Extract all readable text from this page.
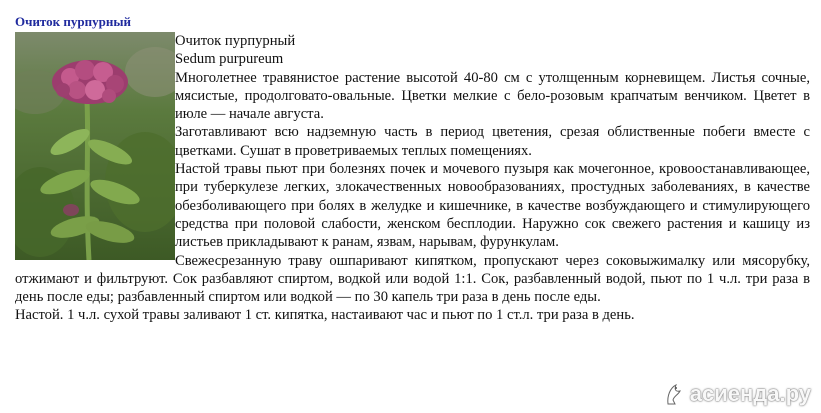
Очиток пурпурный

Очиток пурпурный

Sedum purpureum

Многолетнее травянистое растение высотой 40-80 см с утолщенным корневищем. Листья сочные, мясистые, продолговато-овальные. Цветки мелкие с бело-розовым крапчатым венчиком. Цветет в июле — начале августа.

Заготавливают всю надземную часть в период цветения, срезая облиственные побеги вместе с цветками. Сушат в проветриваемых теплых помещениях.

Настой травы пьют при болезнях почек и мочевого пузыря как мочегонное, кровоостанавливающее, при туберкулезе легких, злокачественных новообразованиях, простудных заболеваниях, в качестве обезболивающего при болях в желудке и кишечнике, в качестве возбуждающего и стимулирующего средства при половой слабости, женском бесплодии. Наружно сок свежего растения и кашицу из листьев прикладывают к ранам, язвам, нарывам, фурункулам.

Свежесрезанную траву ошпаривают кипятком, пропускают через соковыжималку или мясорубку, отжимают и фильтруют. Сок разбавляют спиртом, водкой или водой 1:1. Сок, разбавленный водой, пьют по 1 ч.л. три раза в день после еды; разбавленный спиртом или водкой — по 30 капель три раза в день после еды.

Настой. 1 ч.л. сухой травы заливают 1 ст. кипятка, настаивают час и пьют по 1 ст.л. три раза в день.

асиенда.ру
